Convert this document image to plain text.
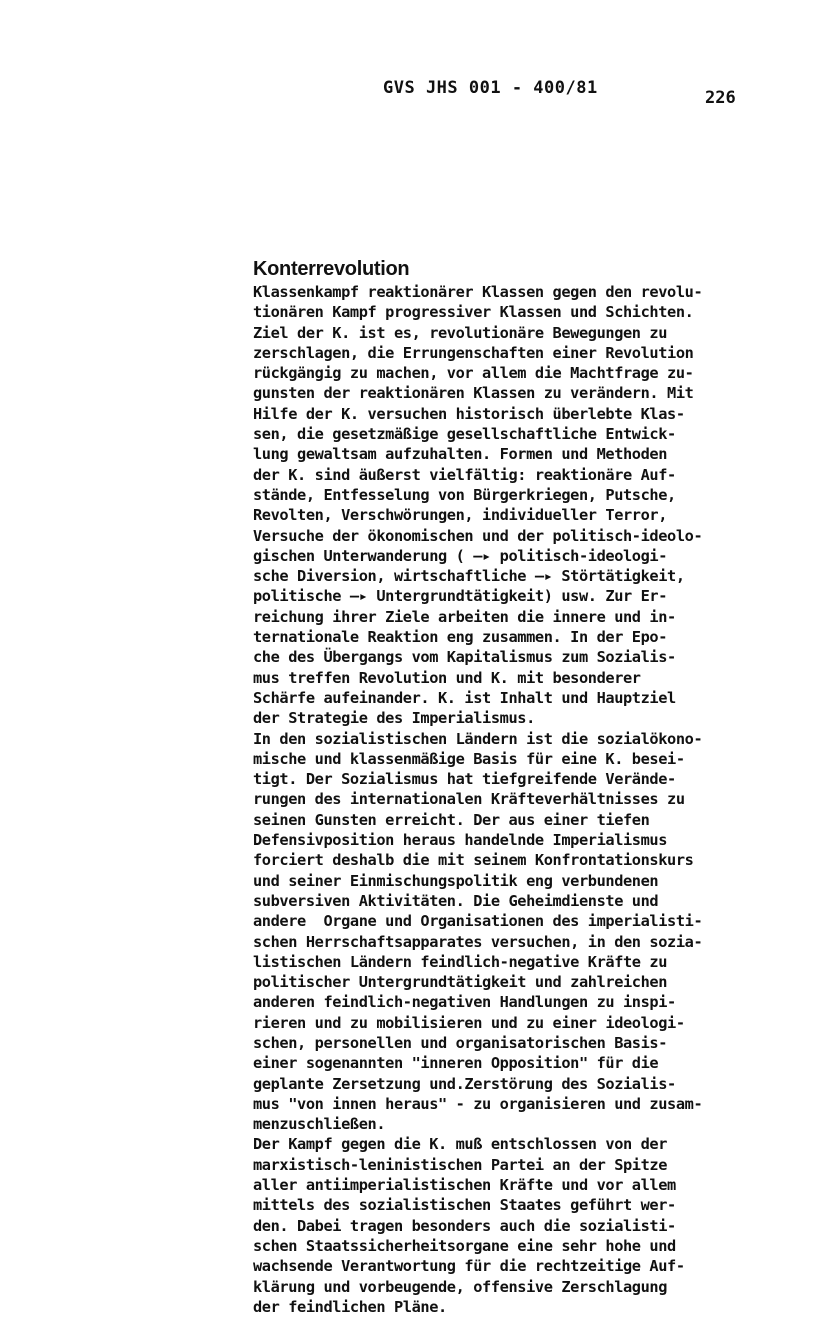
GVS JHS 001 - 400/81	226
Konterrevolution
Klassenkampf reaktionärer Klassen gegen den revolu-
tionären Kampf progressiver Klassen und Schichten.
Ziel der K. ist es, revolutionäre Bewegungen zu
zerschlagen, die Errungenschaften einer Revolution
rückgängig zu machen, vor allem die Machtfrage zu-
gunsten der reaktionären Klassen zu verändern. Mit
Hilfe der K. versuchen historisch überlebte Klas-
sen, die gesetzmäßige gesellschaftliche Entwick-
lung gewaltsam aufzuhalten. Formen und Methoden
der K. sind äußerst vielfältig: reaktionäre Auf-
stände, Entfesselung von Bürgerkriegen, Putsche,
Revolten, Verschwörungen, individueller Terror,
Versuche der ökonomischen und der politisch-ideolo-
gischen Unterwanderung ( —▸ politisch-ideologi-
sche Diversion, wirtschaftliche —▸ Störtätigkeit,
politische —▸ Untergrundtätigkeit) usw. Zur Er-
reichung ihrer Ziele arbeiten die innere und in-
ternationale Reaktion eng zusammen. In der Epo-
che des Übergangs vom Kapitalismus zum Sozialis-
mus treffen Revolution und K. mit besonderer
Schärfe aufeinander. K. ist Inhalt und Hauptziel
der Strategie des Imperialismus.
In den sozialistischen Ländern ist die sozialökono-
mische und klassenmäßige Basis für eine K. besei-
tigt. Der Sozialismus hat tiefgreifende Verände-
rungen des internationalen Kräfteverhältnisses zu
seinen Gunsten erreicht. Der aus einer tiefen
Defensivposition heraus handelnde Imperialismus
forciert deshalb die mit seinem Konfrontationskurs
und seiner Einmischungspolitik eng verbundenen
subversiven Aktivitäten. Die Geheimdienste und
andere  Organe und Organisationen des imperialisti-
schen Herrschaftsapparates versuchen, in den sozia-
listischen Ländern feindlich-negative Kräfte zu
politischer Untergrundtätigkeit und zahlreichen
anderen feindlich-negativen Handlungen zu inspi-
rieren und zu mobilisieren und zu einer ideologi-
schen, personellen und organisatorischen Basis-
einer sogenannten "inneren Opposition" für die
geplante Zersetzung und.Zerstörung des Sozialis-
mus "von innen heraus" - zu organisieren und zusam-
menzuschließen.
Der Kampf gegen die K. muß entschlossen von der
marxistisch-leninistischen Partei an der Spitze
aller antiimperialistischen Kräfte und vor allem
mittels des sozialistischen Staates geführt wer-
den. Dabei tragen besonders auch die sozialisti-
schen Staatssicherheitsorgane eine sehr hohe und
wachsende Verantwortung für die rechtzeitige Auf-
klärung und vorbeugende, offensive Zerschlagung
der feindlichen Pläne.
